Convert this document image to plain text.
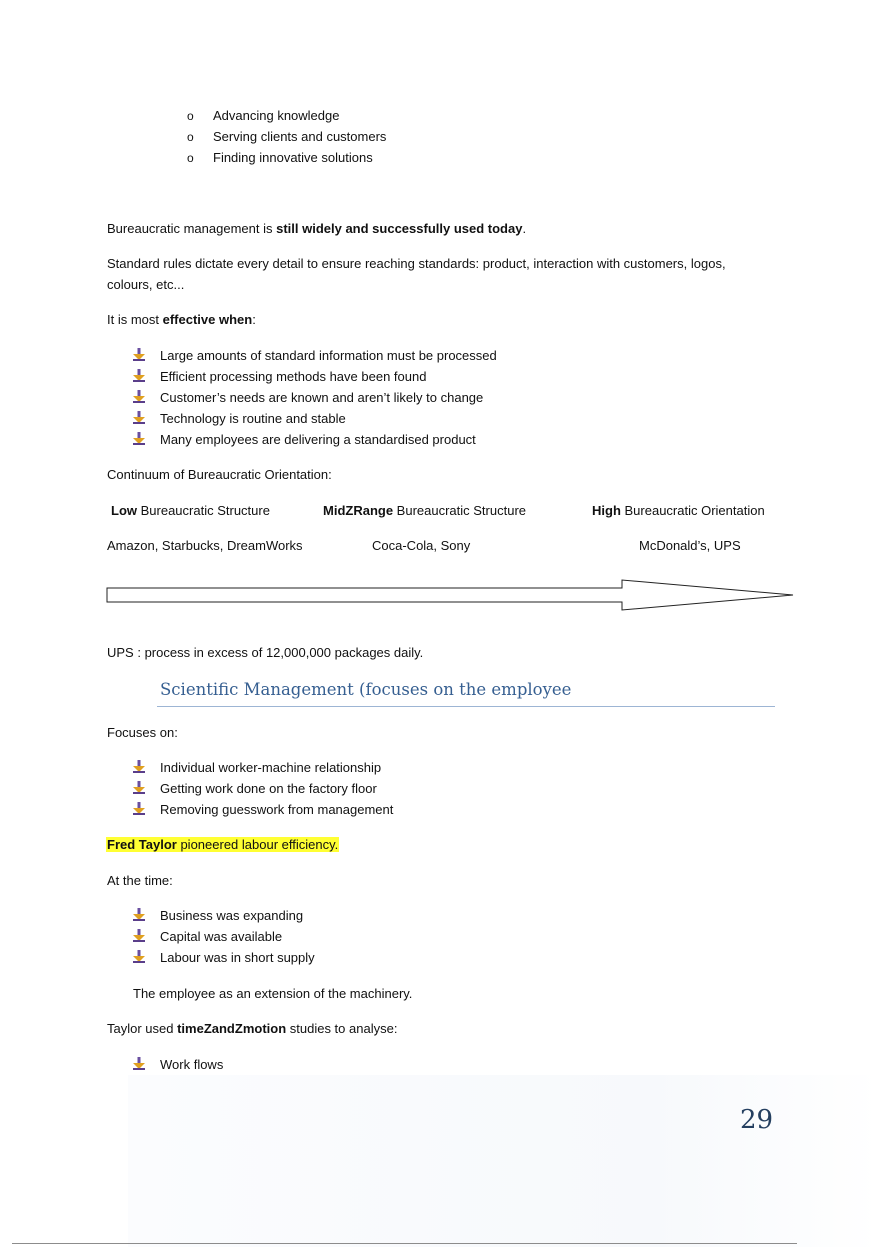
o Advancing knowledge
o Serving clients and customers
o Finding innovative solutions
Bureaucratic management is still widely and successfully used today.
Standard rules dictate every detail to ensure reaching standards: product, interaction with customers, logos,
colours, etc...
It is most effective when:
Large amounts of standard information must be processed
Efficient processing methods have been found
Customer’s needs are known and aren’t likely to change
Technology is routine and stable
Many employees are delivering a standardised product
Continuum of Bureaucratic Orientation:
Low Bureaucratic Structure	MidZRange Bureaucratic Structure	High Bureaucratic Orientation
Amazon, Starbucks, DreamWorks	Coca-Cola, Sony	McDonald’s, UPS
UPS : process in excess of 12,000,000 packages daily.
Scientific Management (focuses on the employee
Focuses on:
Individual worker-machine relationship
Getting work done on the factory floor
Removing guesswork from management
Fred Taylor pioneered labour efficiency.
At the time:
Business was expanding
Capital was available
Labour was in short supply
The employee as an extension of the machinery.
Taylor used timeZandZmotion studies to analyse:
Work flows
29
